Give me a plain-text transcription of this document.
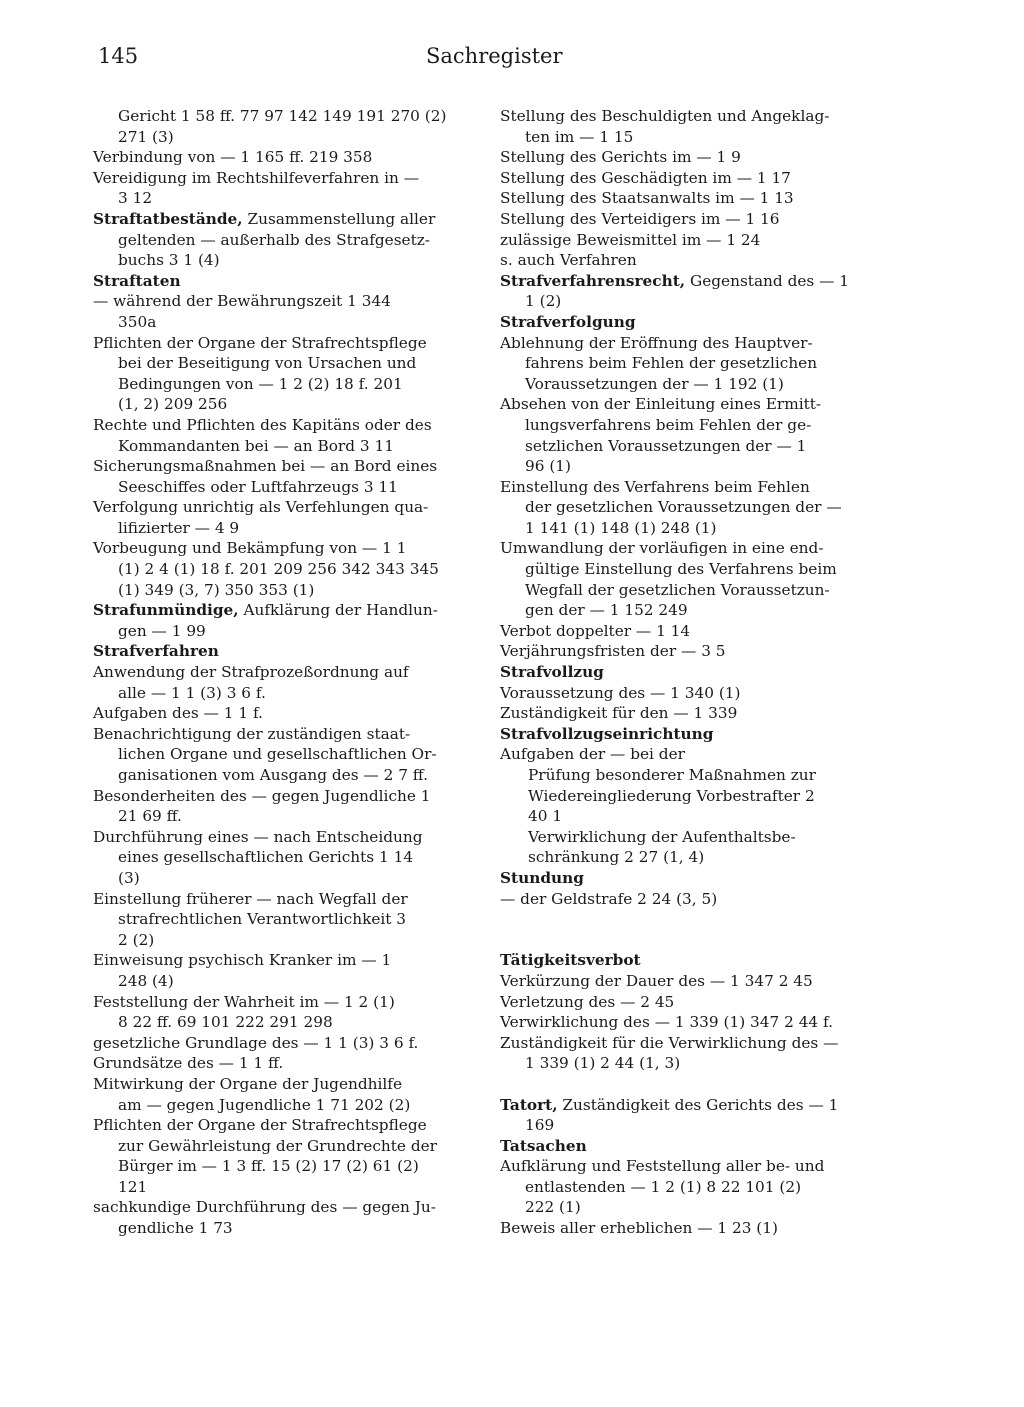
145	Sachregister
Gericht 1 58 ff. 77 97 142 149 191 270 (2)
271 (3)
Verbindung von — 1 165 ff. 219 358
Vereidigung im Rechtshilfeverfahren in —
3 12
Straftatbestände, Zusammenstellung aller
geltenden — außerhalb des Strafgesetz-
buchs 3 1 (4)
Straftaten
— während der Bewährungszeit 1 344
350a
Pflichten der Organe der Strafrechtspflege
bei der Beseitigung von Ursachen und
Bedingungen von — 1 2 (2) 18 f. 201
(1, 2) 209 256
Rechte und Pflichten des Kapitäns oder des
Kommandanten bei — an Bord 3 11
Sicherungsmaßnahmen bei — an Bord eines
Seeschiffes oder Luftfahrzeugs 3 11
Verfolgung unrichtig als Verfehlungen qua-
lifizierter — 4 9
Vorbeugung und Bekämpfung von — 1 1
(1) 2 4 (1) 18 f. 201 209 256 342 343 345
(1) 349 (3, 7) 350 353 (1)
Strafunmündige, Aufklärung der Handlun-
gen — 1 99
Strafverfahren
Anwendung der Strafprozeßordnung auf
alle — 1 1 (3) 3 6 f.
Aufgaben des — 1 1 f.
Benachrichtigung der zuständigen staat-
lichen Organe und gesellschaftlichen Or-
ganisationen vom Ausgang des — 2 7 ff.
Besonderheiten des — gegen Jugendliche 1
21 69 ff.
Durchführung eines — nach Entscheidung
eines gesellschaftlichen Gerichts 1 14
(3)
Einstellung früherer — nach Wegfall der
strafrechtlichen Verantwortlichkeit 3
2 (2)
Einweisung psychisch Kranker im — 1
248 (4)
Feststellung der Wahrheit im — 1 2 (1)
8 22 ff. 69 101 222 291 298
gesetzliche Grundlage des — 1 1 (3) 3 6 f.
Grundsätze des — 1 1 ff.
Mitwirkung der Organe der Jugendhilfe
am — gegen Jugendliche 1 71 202 (2)
Pflichten der Organe der Strafrechtspflege
zur Gewährleistung der Grundrechte der
Bürger im — 1 3 ff. 15 (2) 17 (2) 61 (2)
121
sachkundige Durchführung des — gegen Ju-
gendliche 1 73
Stellung des Beschuldigten und Angeklag-
ten im — 1 15
Stellung des Gerichts im — 1 9
Stellung des Geschädigten im — 1 17
Stellung des Staatsanwalts im — 1 13
Stellung des Verteidigers im — 1 16
zulässige Beweismittel im — 1 24
s. auch Verfahren
Strafverfahrensrecht, Gegenstand des — 1
1 (2)
Strafverfolgung
Ablehnung der Eröffnung des Hauptver-
fahrens beim Fehlen der gesetzlichen
Voraussetzungen der — 1 192 (1)
Absehen von der Einleitung eines Ermitt-
lungsverfahrens beim Fehlen der ge-
setzlichen Voraussetzungen der — 1
96 (1)
Einstellung des Verfahrens beim Fehlen
der gesetzlichen Voraussetzungen der —
1 141 (1) 148 (1) 248 (1)
Umwandlung der vorläufigen in eine end-
gültige Einstellung des Verfahrens beim
Wegfall der gesetzlichen Voraussetzun-
gen der — 1 152 249
Verbot doppelter — 1 14
Verjährungsfristen der — 3 5
Strafvollzug
Voraussetzung des — 1 340 (1)
Zuständigkeit für den — 1 339
Strafvollzugseinrichtung
Aufgaben der — bei der
Prüfung besonderer Maßnahmen zur
Wiedereingliederung Vorbestrafter 2
40 1
Verwirklichung der Aufenthaltsbe-
schränkung 2 27 (1, 4)
Stundung
— der Geldstrafe 2 24 (3, 5)
Tätigkeitsverbot
Verkürzung der Dauer des — 1 347 2 45
Verletzung des — 2 45
Verwirklichung des — 1 339 (1) 347 2 44 f.
Zuständigkeit für die Verwirklichung des —
1 339 (1) 2 44 (1, 3)
Tatort, Zuständigkeit des Gerichts des — 1
169
Tatsachen
Aufklärung und Feststellung aller be- und
entlastenden — 1 2 (1) 8 22 101 (2)
222 (1)
Beweis aller erheblichen — 1 23 (1)
